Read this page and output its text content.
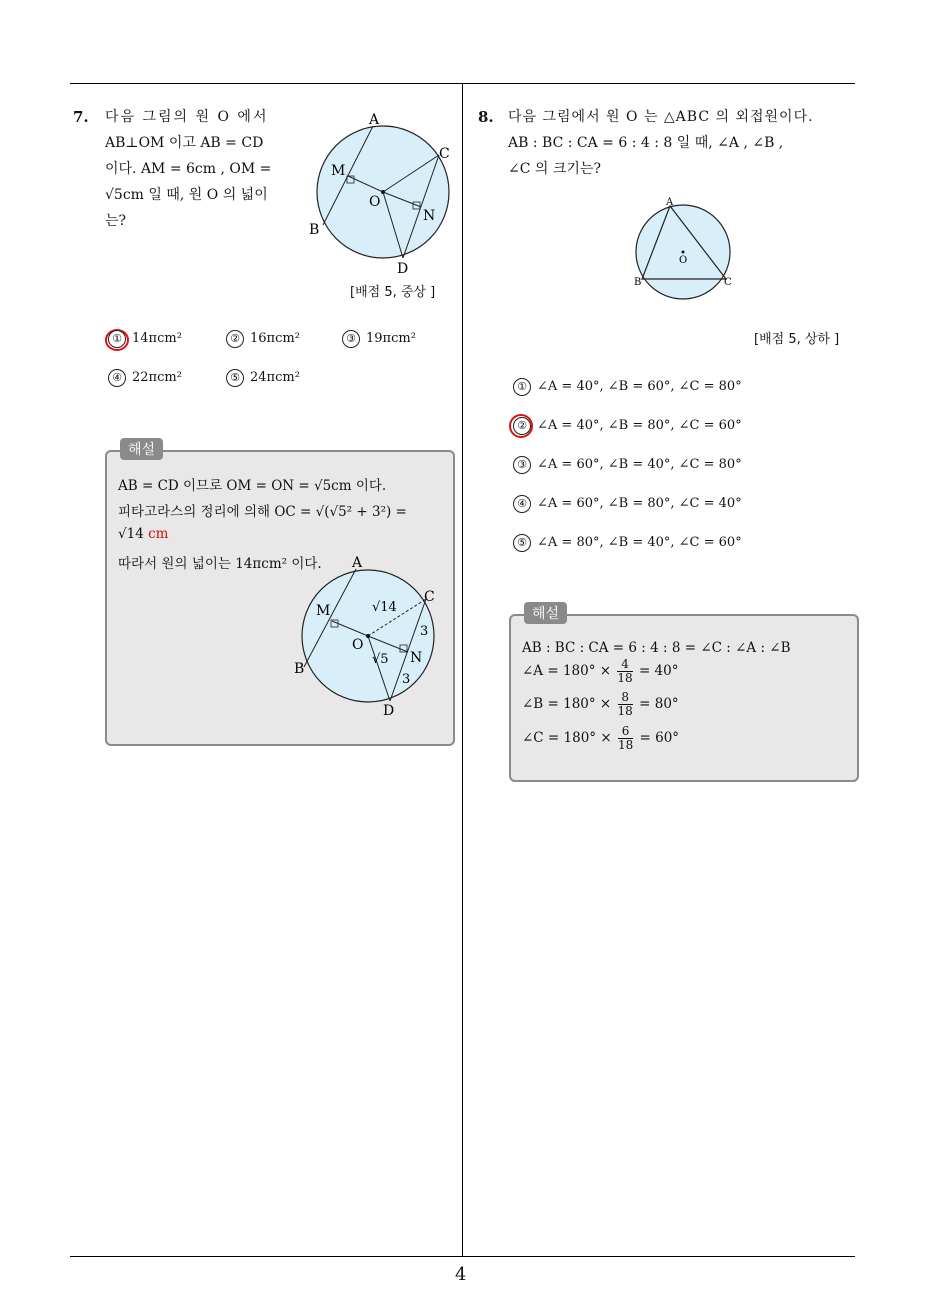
4
7. 다음 그림의 원 O 에서
AB⊥OM 이고 AB = CD
이다. AM = 6cm , OM =
√5cm 일 때, 원 O 의 넓이
는?
A
B
C
D
M
N
O
[배점 5, 중상 ]
① 14πcm²	② 16πcm²	③ 19πcm²
④ 22πcm²	⑤ 24πcm²
해설
AB = CD 이므로 OM = ON = √5cm 이다.
피타고라스의 정리에 의해 OC = √(√5² + 3²) =
√14 cm
따라서 원의 넓이는 14πcm² 이다. A
B
C
D
M
N
O
√14
√5
3
3
8. 다음 그림에서 원 O 는 △ABC 의 외접원이다.
AB : BC : CA = 6 : 4 : 8 일 때, ∠A , ∠B ,
∠C 의 크기는?
A
B	C
O
[배점 5, 상하 ]
① ∠A = 40°, ∠B = 60°, ∠C = 80°
② ∠A = 40°, ∠B = 80°, ∠C = 60°
③ ∠A = 60°, ∠B = 40°, ∠C = 80°
④ ∠A = 60°, ∠B = 80°, ∠C = 40°
⑤ ∠A = 80°, ∠B = 40°, ∠C = 60°
해설
AB : BC : CA = 6 : 4 : 8 = ∠C : ∠A : ∠B
∠A = $180^\circ \times \frac{4}{18} = 40^\circ$
∠B = $180^\circ \times \frac{8}{18} = 80^\circ$
∠C = $180^\circ \times \frac{6}{18} = 60^\circ$
